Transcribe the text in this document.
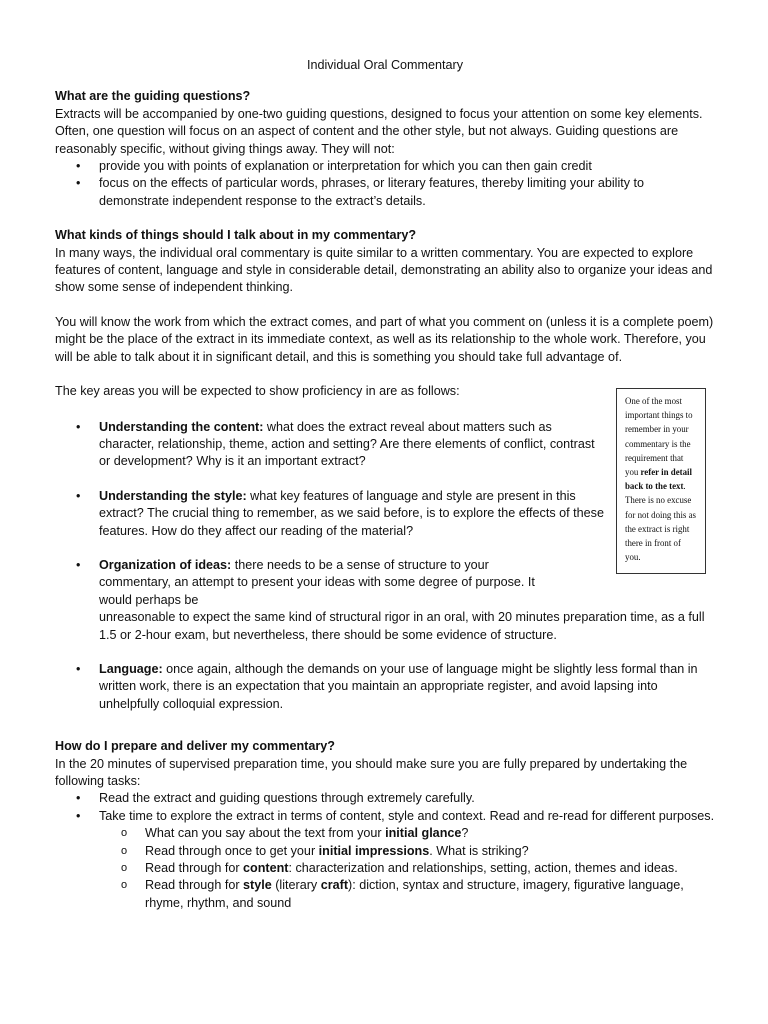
Individual Oral Commentary

What are the guiding questions?

Extracts will be accompanied by one-two guiding questions, designed to focus your attention on some key elements. Often, one question will focus on an aspect of content and the other style, but not always. Guiding questions are reasonably specific, without giving things away. They will not:

• provide you with points of explanation or interpretation for which you can then gain credit
• focus on the effects of particular words, phrases, or literary features, thereby limiting your ability to demonstrate independent response to the extract’s details.

What kinds of things should I talk about in my commentary?

In many ways, the individual oral commentary is quite similar to a written commentary. You are expected to explore features of content, language and style in considerable detail, demonstrating an ability also to organize your ideas and show some sense of independent thinking.

You will know the work from which the extract comes, and part of what you comment on (unless it is a complete poem) might be the place of the extract in its immediate context, as well as its relationship to the whole work. Therefore, you will be able to talk about it in significant detail, and this is something you should take full advantage of.

The key areas you will be expected to show proficiency in are as follows:

• Understanding the content: what does the extract reveal about matters such as character, relationship, theme, action and setting? Are there elements of conflict, contrast or development? Why is it an important extract?
• Understanding the style: what key features of language and style are present in this extract? The crucial thing to remember, as we said before, is to explore the effects of these features. How do they affect our reading of the material?
• Organization of ideas: there needs to be a sense of structure to your commentary, an attempt to present your ideas with some degree of purpose. It would perhaps be
unreasonable to expect the same kind of structural rigor in an oral, with 20 minutes preparation time, as a full 1.5 or 2-hour exam, but nevertheless, there should be some evidence of structure.
• Language: once again, although the demands on your use of language might be slightly less formal than in written work, there is an expectation that you maintain an appropriate register, and avoid lapsing into unhelpfully colloquial expression.

How do I prepare and deliver my commentary?

In the 20 minutes of supervised preparation time, you should make sure you are fully prepared by undertaking the following tasks:

• Read the extract and guiding questions through extremely carefully.
• Take time to explore the extract in terms of content, style and context. Read and re-read for different purposes.
o What can you say about the text from your initial glance?
o Read through once to get your initial impressions. What is striking?
o Read through for content: characterization and relationships, setting, action, themes and ideas.
o Read through for style (literary craft): diction, syntax and structure, imagery, figurative language, rhyme, rhythm, and sound
One of the most important things to remember in your commentary is the requirement that you refer in detail back to the text. There is no excuse for not doing this as the extract is right there in front of you.
